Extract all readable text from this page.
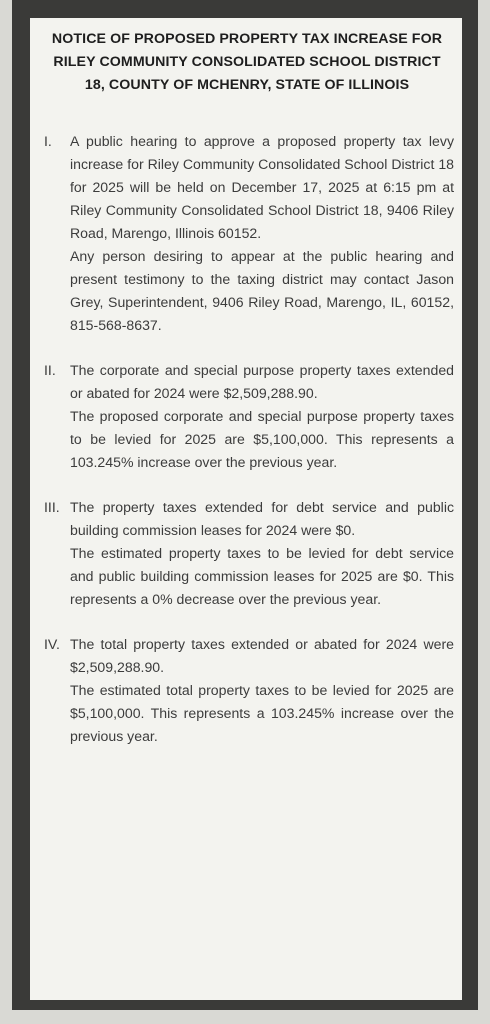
NOTICE OF PROPOSED PROPERTY TAX INCREASE FOR RILEY COMMUNITY CONSOLIDATED SCHOOL DISTRICT 18, COUNTY OF MCHENRY, STATE OF ILLINOIS
I.	A public hearing to approve a proposed property tax levy increase for Riley Community Consolidated School District 18 for 2025 will be held on December 17, 2025 at 6:15 pm at Riley Community Consolidated School District 18, 9406 Riley Road, Marengo, Illinois 60152.
Any person desiring to appear at the public hearing and present testimony to the taxing district may contact Jason Grey, Superintendent, 9406 Riley Road, Marengo, IL, 60152, 815-568-8637.
II.	The corporate and special purpose property taxes extended or abated for 2024 were $2,509,288.90.
The proposed corporate and special purpose property taxes to be levied for 2025 are $5,100,000. This represents a 103.245% increase over the previous year.
III. The property taxes extended for debt service and public building commission leases for 2024 were $0.
The estimated property taxes to be levied for debt service and public building commission leases for 2025 are $0. This represents a 0% decrease over the previous year.
IV. The total property taxes extended or abated for 2024 were $2,509,288.90.
The estimated total property taxes to be levied for 2025 are $5,100,000. This represents a 103.245% increase over the previous year.
